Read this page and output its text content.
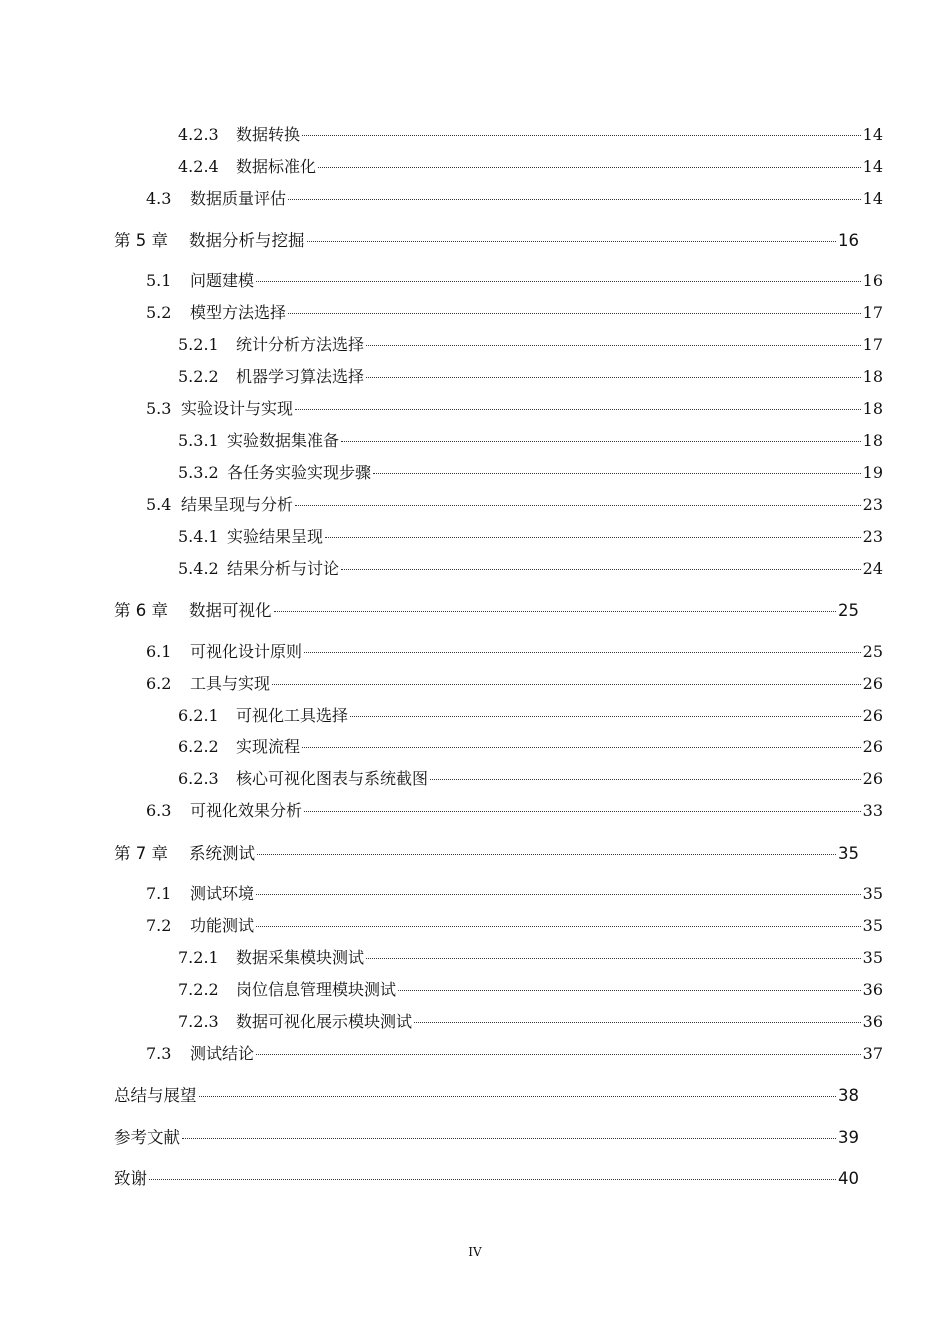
4.2.3	数据转换	14
4.2.4	数据标准化	14
4.3	数据质量评估	14
第 5 章	数据分析与挖掘	16
5.1	问题建模	16
5.2	模型方法选择	17
5.2.1	统计分析方法选择	17
5.2.2	机器学习算法选择	18
5.3 实验设计与实现	18
5.3.1 实验数据集准备	18
5.3.2 各任务实验实现步骤	19
5.4 结果呈现与分析	23
5.4.1 实验结果呈现	23
5.4.2 结果分析与讨论	24
第 6 章	数据可视化	25
6.1	可视化设计原则	25
6.2	工具与实现	26
6.2.1	可视化工具选择	26
6.2.2	实现流程	26
6.2.3	核心可视化图表与系统截图	26
6.3	可视化效果分析	33
第 7 章	系统测试	35
7.1	测试环境	35
7.2	功能测试	35
7.2.1	数据采集模块测试	35
7.2.2	岗位信息管理模块测试	36
7.2.3	数据可视化展示模块测试	36
7.3	测试结论	37
总结与展望	38
参考文献	39
致谢	40
IV
